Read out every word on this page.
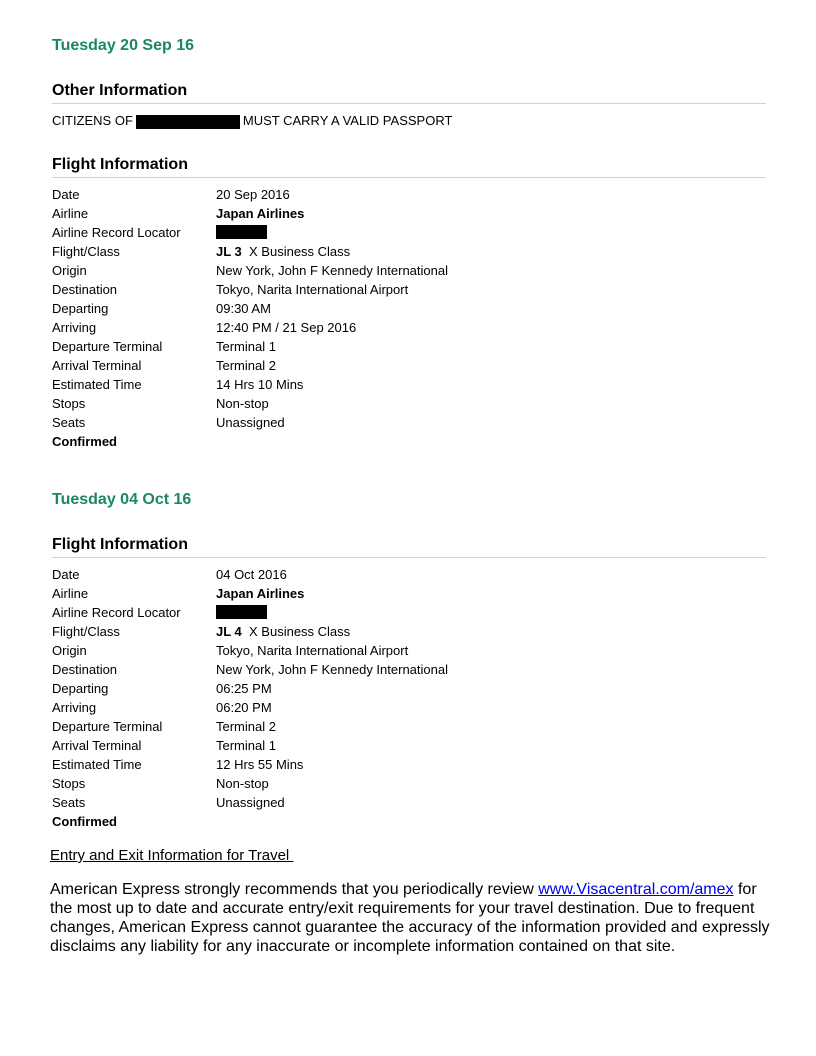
Tuesday 20 Sep 16
Other Information
CITIZENS OF	MUST CARRY A VALID PASSPORT
Flight Information
Date	20 Sep 2016
Airline	Japan Airlines
Airline Record Locator
Flight/Class	JL 3 X Business Class
Origin	New York, John F Kennedy International
Destination	Tokyo, Narita International Airport
Departing	09:30 AM
Arriving	12:40 PM / 21 Sep 2016
Departure Terminal	Terminal 1
Arrival Terminal	Terminal 2
Estimated Time	14 Hrs 10 Mins
Stops	Non-stop
Seats	Unassigned
Confirmed
Tuesday 04 Oct 16
Flight Information
Date	04 Oct 2016
Airline	Japan Airlines
Airline Record Locator
Flight/Class	JL 4 X Business Class
Origin	Tokyo, Narita International Airport
Destination	New York, John F Kennedy International
Departing	06:25 PM
Arriving	06:20 PM
Departure Terminal	Terminal 2
Arrival Terminal	Terminal 1
Estimated Time	12 Hrs 55 Mins
Stops	Non-stop
Seats	Unassigned
Confirmed
Entry and Exit Information for Travel
American Express strongly recommends that you periodically review www.Visacentral.com/amex for the most up to date and accurate entry/exit requirements for your travel destination. Due to frequent changes, American Express cannot guarantee the accuracy of the information provided and expressly disclaims any liability for any inaccurate or incomplete information contained on that site.
